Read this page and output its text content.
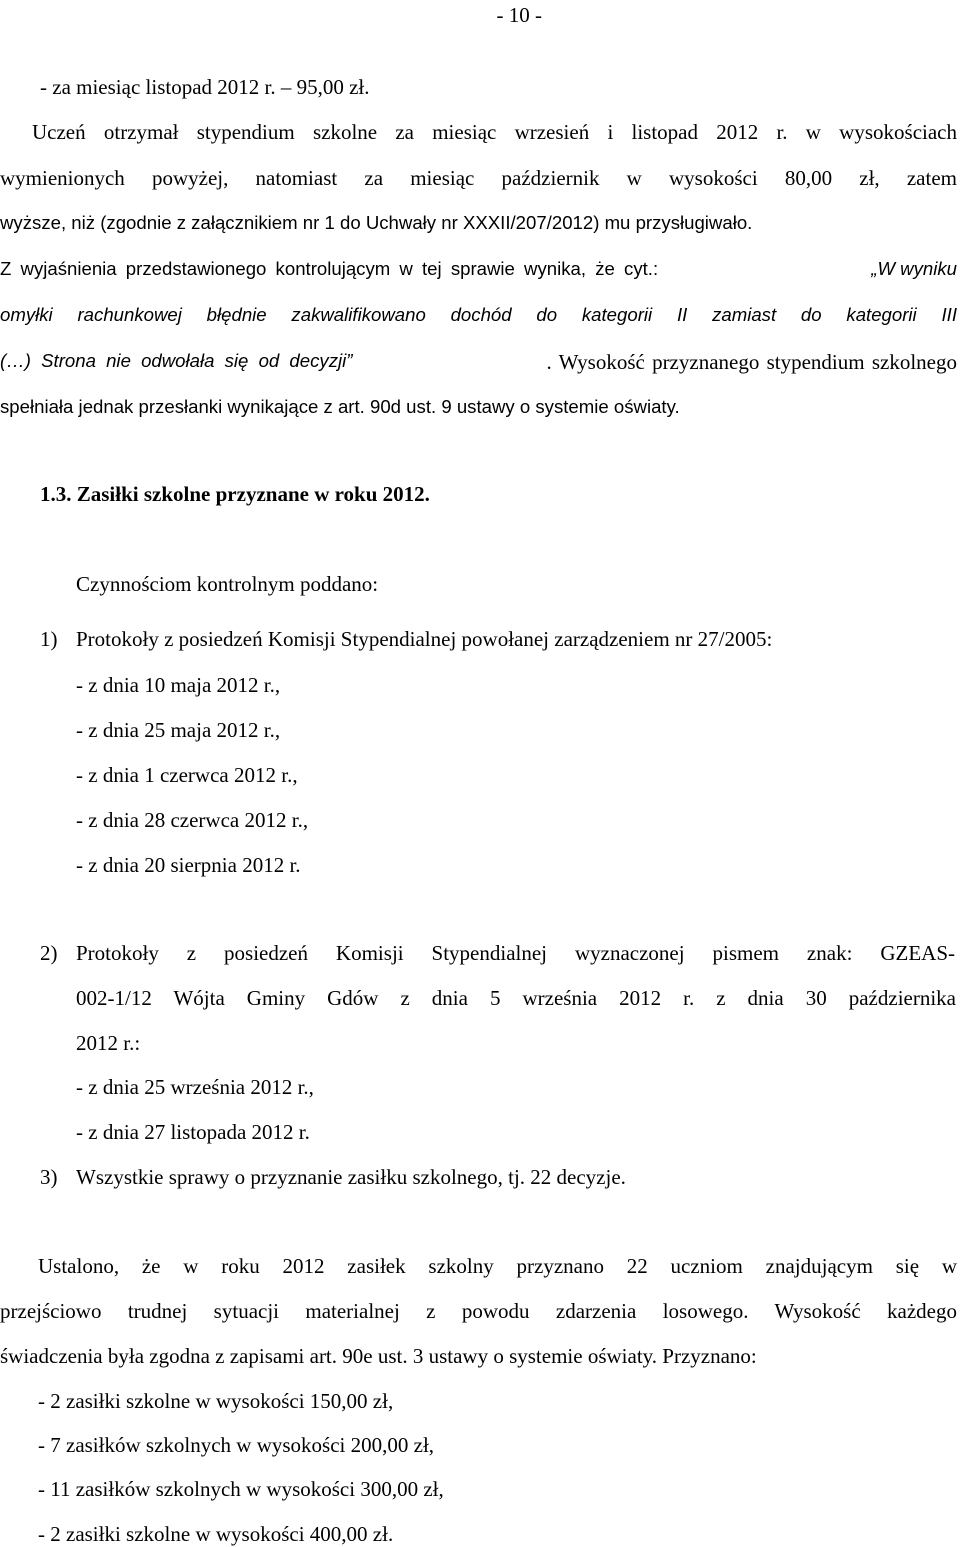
- 10 -
- za miesiąc listopad 2012 r. – 95,00 zł.
Uczeń otrzymał stypendium szkolne za miesiąc wrzesień i listopad 2012 r. w wysokościach
wymienionych powyżej, natomiast za miesiąc październik w wysokości 80,00 zł, zatem
wyższe, niż (zgodnie z załącznikiem nr 1 do Uchwały nr XXXII/207/2012) mu przysługiwało.
Z wyjaśnienia przedstawionego kontrolującym w tej sprawie wynika, że cyt.:	„W wyniku
omyłki rachunkowej błędnie zakwalifikowano dochód do kategorii II zamiast do kategorii III
(…) Strona nie odwołała się od decyzji”	. Wysokość przyznanego stypendium szkolnego
spełniała jednak przesłanki wynikające z art. 90d ust. 9 ustawy o systemie oświaty.
1.3. Zasiłki szkolne przyznane w roku 2012.
Czynnościom kontrolnym poddano:
1) Protokoły z posiedzeń Komisji Stypendialnej powołanej zarządzeniem nr 27/2005:
- z dnia 10 maja 2012 r.,
- z dnia 25 maja 2012 r.,
- z dnia 1 czerwca 2012 r.,
- z dnia 28 czerwca 2012 r.,
- z dnia 20 sierpnia 2012 r.
2) Protokoły z posiedzeń Komisji Stypendialnej wyznaczonej pismem znak: GZEAS-
002-1/12 Wójta Gminy Gdów z dnia 5 września 2012 r. z dnia 30 października
2012 r.:
- z dnia 25 września 2012 r.,
- z dnia 27 listopada 2012 r.
3) Wszystkie sprawy o przyznanie zasiłku szkolnego, tj. 22 decyzje.
Ustalono, że w roku 2012 zasiłek szkolny przyznano 22 uczniom znajdującym się w
przejściowo trudnej sytuacji materialnej z powodu zdarzenia losowego. Wysokość każdego
świadczenia była zgodna z zapisami art. 90e ust. 3 ustawy o systemie oświaty. Przyznano:
- 2 zasiłki szkolne w wysokości 150,00 zł,
- 7 zasiłków szkolnych w wysokości 200,00 zł,
- 11 zasiłków szkolnych w wysokości 300,00 zł,
- 2 zasiłki szkolne w wysokości 400,00 zł.
